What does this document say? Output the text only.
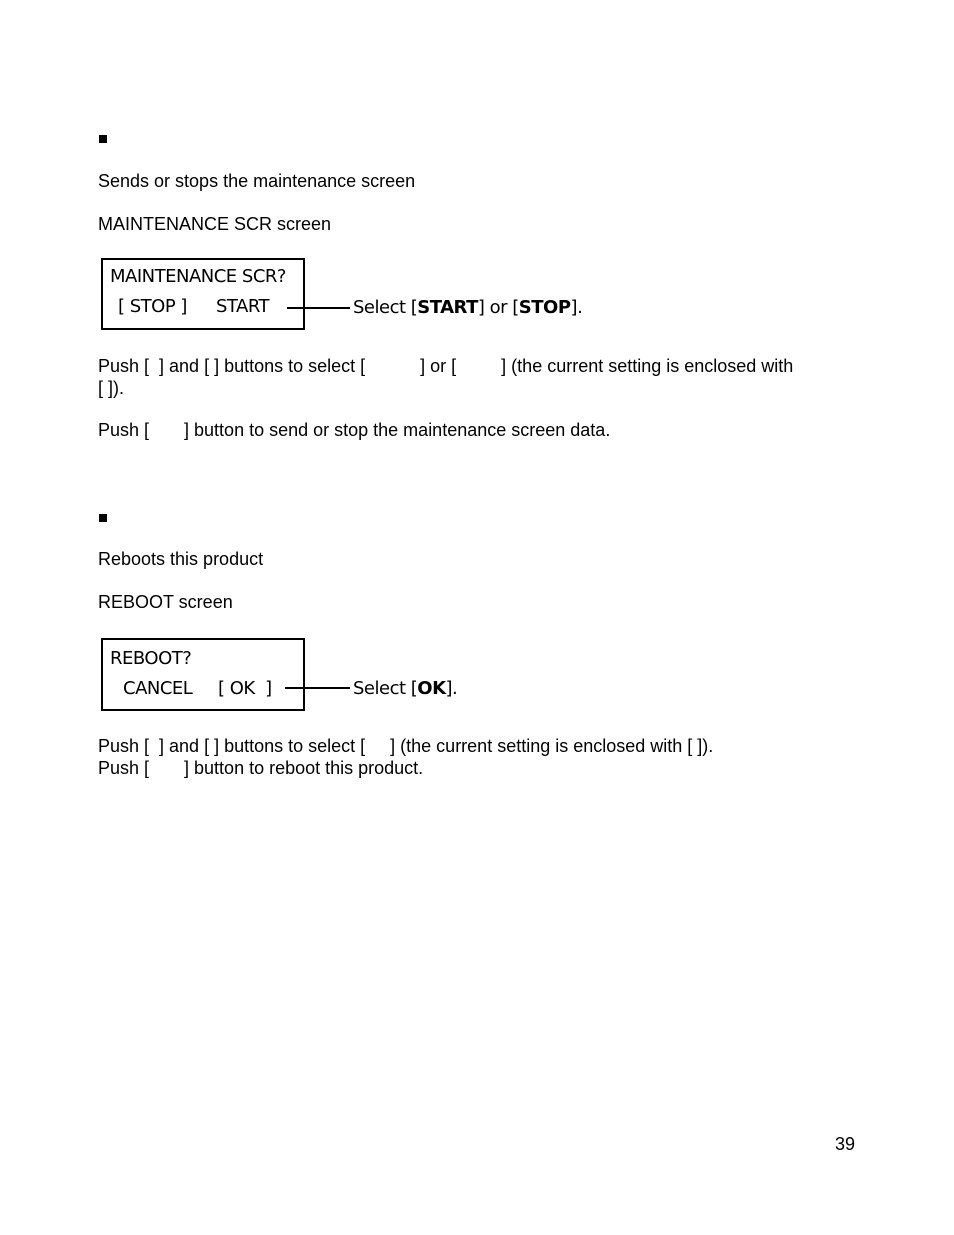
Sends or stops the maintenance screen
MAINTENANCE SCR screen
MAINTENANCE SCR?
[ STOP ] START	Select [START] or [STOP].
Push [  ] and [ ] buttons to select [           ] or [         ] (the current setting is enclosed with
[ ]).
Push [       ] button to send or stop the maintenance screen data.
Reboots this product
REBOOT screen
REBOOT?
CANCEL [ OK  ]	Select [OK].
Push [  ] and [ ] buttons to select [     ] (the current setting is enclosed with [ ]).
Push [       ] button to reboot this product.
39
